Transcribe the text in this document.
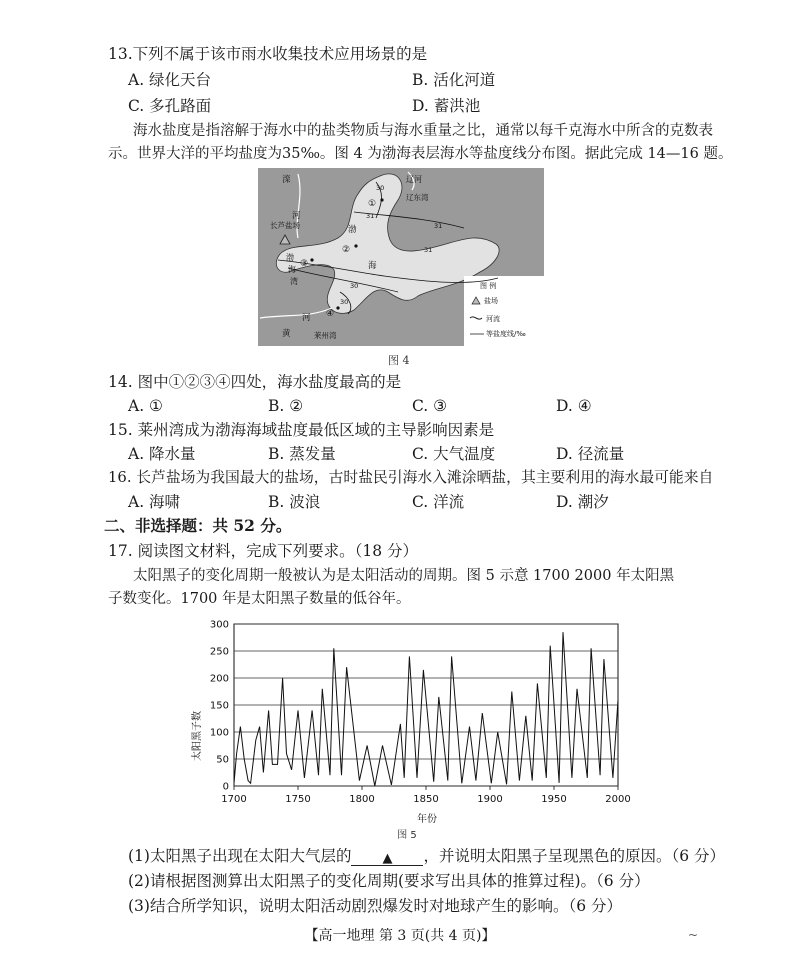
13.下列不属于该市雨水收集技术应用场景的是
A. 绿化天台	B. 活化河道
C. 多孔路面	D. 蓄洪池
海水盐度是指溶解于海水中的盐类物质与海水重量之比，通常以每千克海水中所含的克数表
示。世界大洋的平均盐度为35‰。图 4 为渤海表层海水等盐度线分布图。据此完成 14—16 题。
辽河
辽东湾
滦
河
长芦盐场	渤
海
渤
海
湾
黄
河
莱州湾
①
②
③
④
30
31
31
31
30
30
图 例
盐场
河流
等盐度线/‰
图 4
14. 图中①②③④四处，海水盐度最高的是
A. ①	B. ②	C. ③	D. ④
15. 莱州湾成为渤海海域盐度最低区域的主导影响因素是
A. 降水量	B. 蒸发量	C. 大气温度	D. 径流量
16. 长芦盐场为我国最大的盐场，古时盐民引海水入滩涂晒盐，其主要利用的海水最可能来自
A. 海啸	B. 波浪	C. 洋流	D. 潮汐
二、非选择题：共 52 分。
17. 阅读图文材料，完成下列要求。（18 分）
太阳黑子的变化周期一般被认为是太阳活动的周期。图 5 示意 1700 2000 年太阳黑
子数变化。1700 年是太阳黑子数量的低谷年。
0
50
100
150
200
250
300
1700	1750	1800	1850	1900	1950	2000
太阳黑子数
年份
图 5
(1)太阳黑子出现在太阳大气层的 ▲ ，并说明太阳黑子呈现黑色的原因。（6 分）
(2)请根据图测算出太阳黑子的变化周期(要求写出具体的推算过程)。（6 分）
(3)结合所学知识，说明太阳活动剧烈爆发时对地球产生的影响。（6 分）
【高一地理 第 3 页(共 4 页)】	~
